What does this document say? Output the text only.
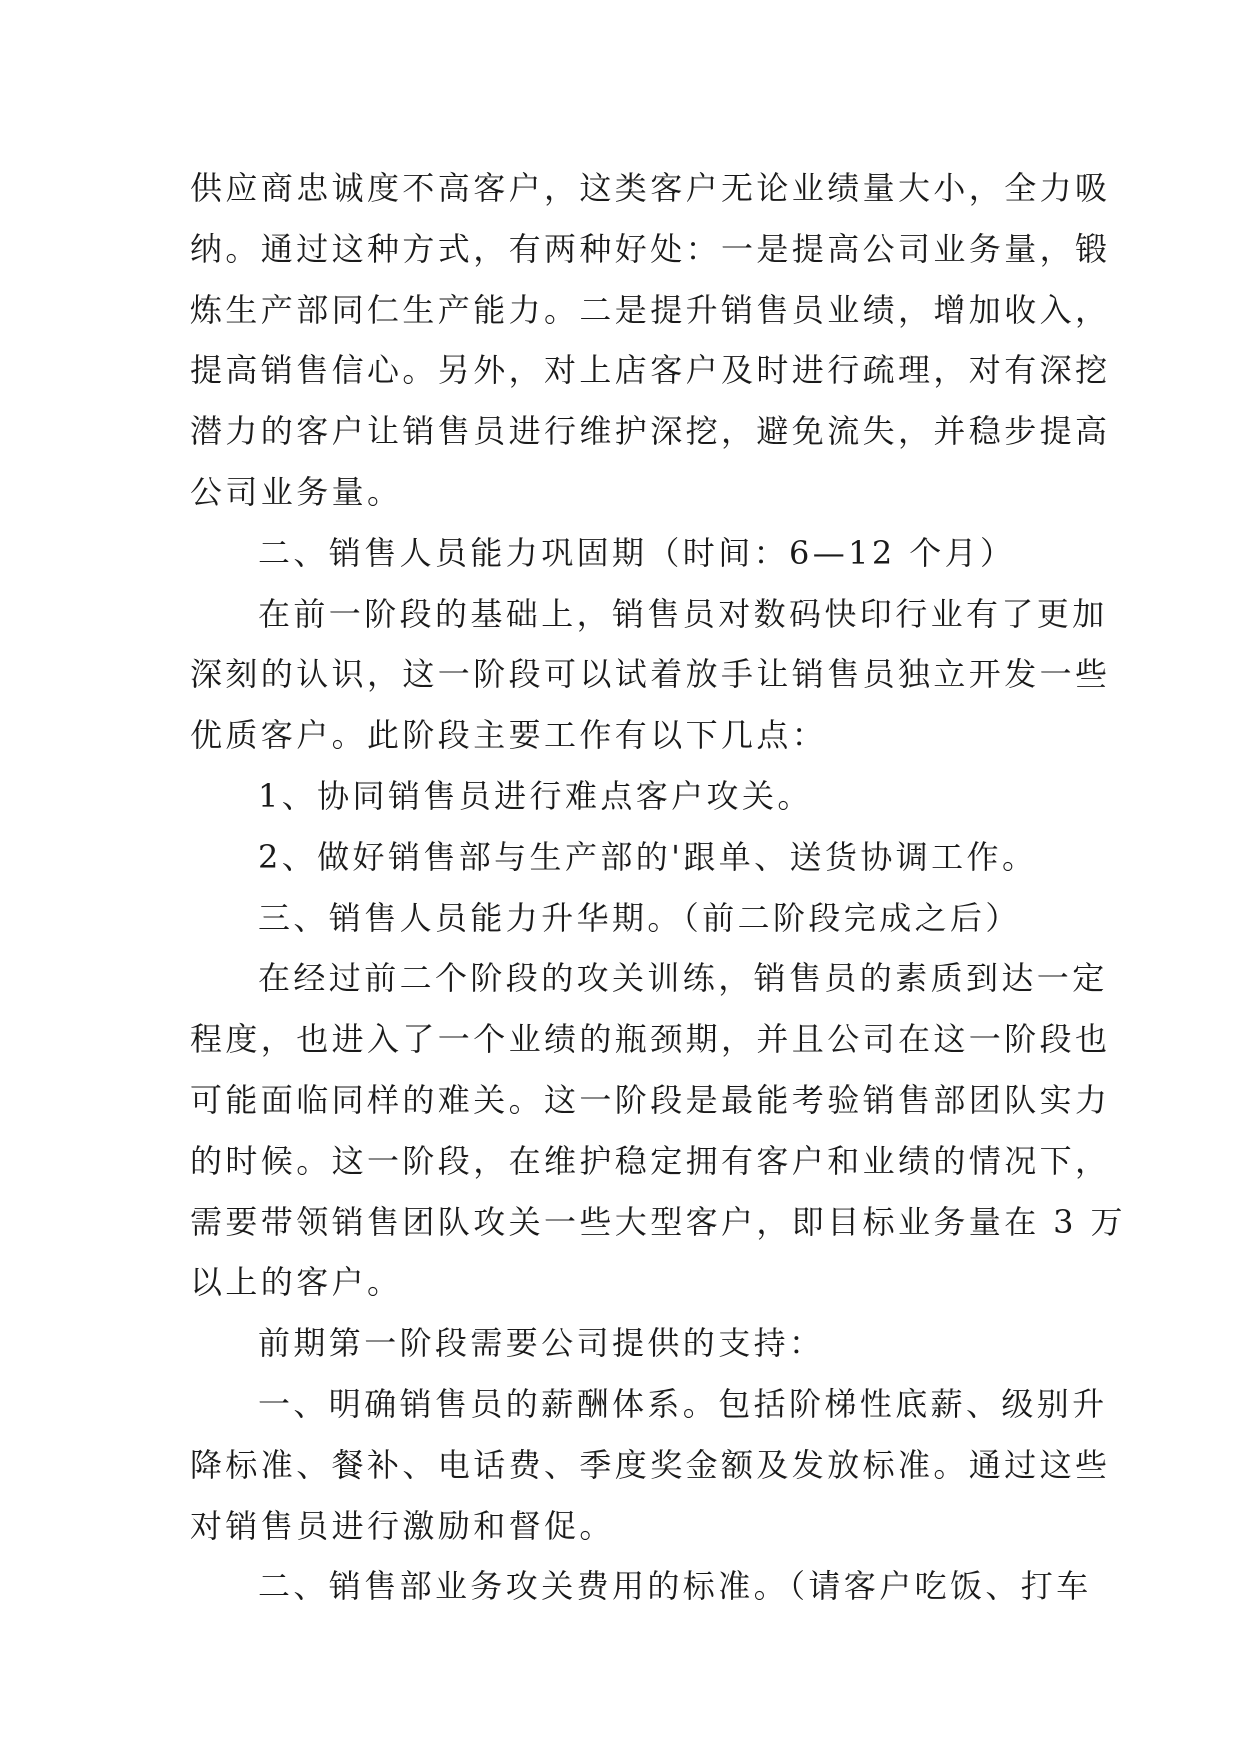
供应商忠诚度不高客户，这类客户无论业绩量大小，全力吸
纳。通过这种方式，有两种好处：一是提高公司业务量，锻
炼生产部同仁生产能力。二是提升销售员业绩，增加收入，
提高销售信心。另外，对上店客户及时进行疏理，对有深挖
潜力的客户让销售员进行维护深挖，避免流失，并稳步提高
公司业务量。

二、销售人员能力巩固期（时间：6—12 个月）

在前一阶段的基础上，销售员对数码快印行业有了更加
深刻的认识，这一阶段可以试着放手让销售员独立开发一些
优质客户。此阶段主要工作有以下几点：

1、协同销售员进行难点客户攻关。

2、做好销售部与生产部的'跟单、送货协调工作。

三、销售人员能力升华期。（前二阶段完成之后）

在经过前二个阶段的攻关训练，销售员的素质到达一定
程度，也进入了一个业绩的瓶颈期，并且公司在这一阶段也
可能面临同样的难关。这一阶段是最能考验销售部团队实力
的时候。这一阶段，在维护稳定拥有客户和业绩的情况下，
需要带领销售团队攻关一些大型客户，即目标业务量在 3 万
以上的客户。

前期第一阶段需要公司提供的支持：

一、明确销售员的薪酬体系。包括阶梯性底薪、级别升
降标准、餐补、电话费、季度奖金额及发放标准。通过这些
对销售员进行激励和督促。

二、销售部业务攻关费用的标准。（请客户吃饭、打车
